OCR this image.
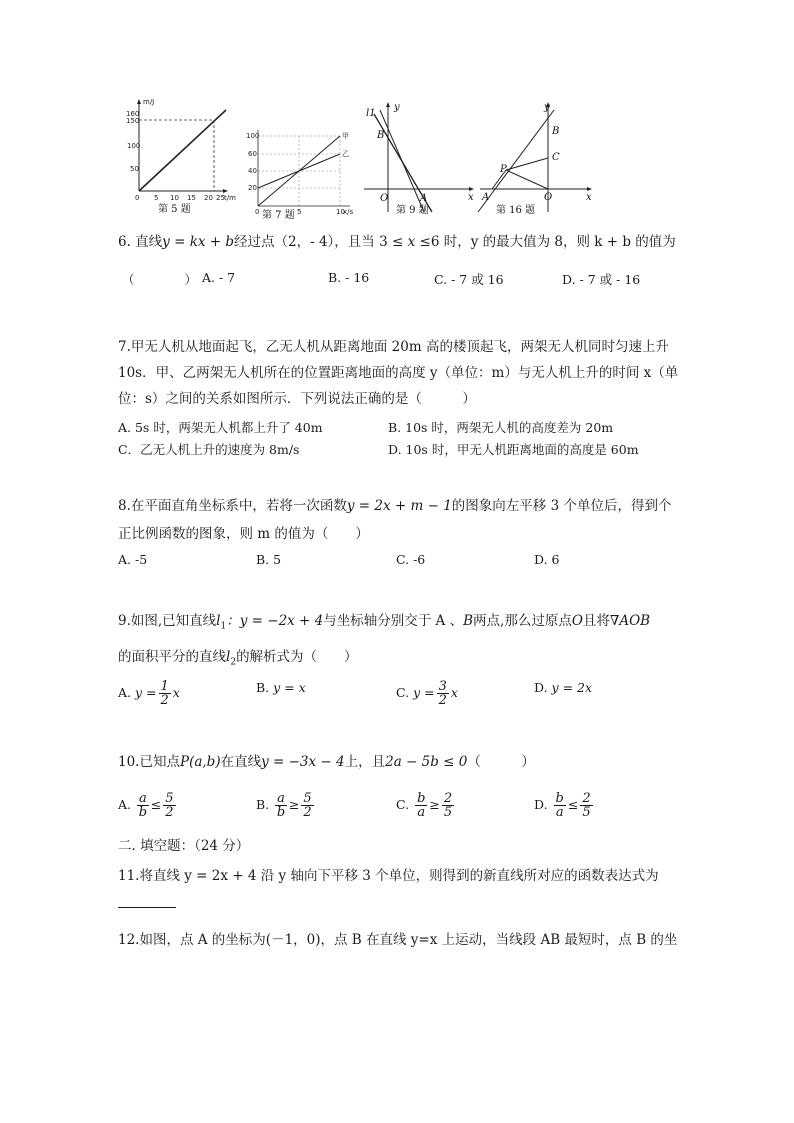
m/J
t/m
160
150
100
50
0 5 10 15 20 25
第 5 题
100
40
20
60
0	5	10
x/s
甲
乙
第 7 题
l1
y
x
O
B
A
第 9 题
y
x
O
A
B
C
P
第 16 题
6. 直线y = kx + b经过点（2，- 4），且当 3 ≤ x ≤6 时，y 的最大值为 8，则 k + b 的值为
（　　　　） A. - 7	B. - 16	C. - 7 或 16	D. - 7 或 - 16
7.甲无人机从地面起飞，乙无人机从距离地面 20m 高的楼顶起飞，两架无人机同时匀速上升
10s．甲、乙两架无人机所在的位置距离地面的高度 y（单位：m）与无人机上升的时间 x（单
位：s）之间的关系如图所示．下列说法正确的是（　　　）
A. 5s 时，两架无人机都上升了 40m	B. 10s 时，两架无人机的高度差为 20m
C．乙无人机上升的速度为 8m/s	D. 10s 时，甲无人机距离地面的高度是 60m
8.在平面直角坐标系中，若将一次函数y = 2x + m − 1的图象向左平移 3 个单位后，得到个
正比例函数的图象，则 m 的值为（　　）
A. -5	B. 5	C. -6	D. 6
9.如图,已知直线$l_1$：y = −2x + 4与坐标轴分别交于 A 、B两点,那么过原点O且将∇AOB
的面积平分的直线$l_2$的解析式为（　　）
A. $y = \frac{1}{2}$ x	B. y = x	C. $y = \frac{3}{2}$ x	D. y = 2x
10.已知点P(a,b)在直线y = −3x − 4上，且2a − 5b ≤ 0（　　　）
A. $\frac{a}{b} \le \frac{5}{2}$	B. $\frac{a}{b} \ge \frac{5}{2}$	C. $\frac{b}{a} \ge \frac{2}{5}$	D. $\frac{b}{a} \le \frac{2}{5}$
二. 填空题：（24 分）
11.将直线 y = 2x + 4 沿 y 轴向下平移 3 个单位，则得到的新直线所对应的函数表达式为
12.如图，点 A 的坐标为(－1，0)，点 B 在直线 y=x 上运动，当线段 AB 最短时，点 B 的坐
